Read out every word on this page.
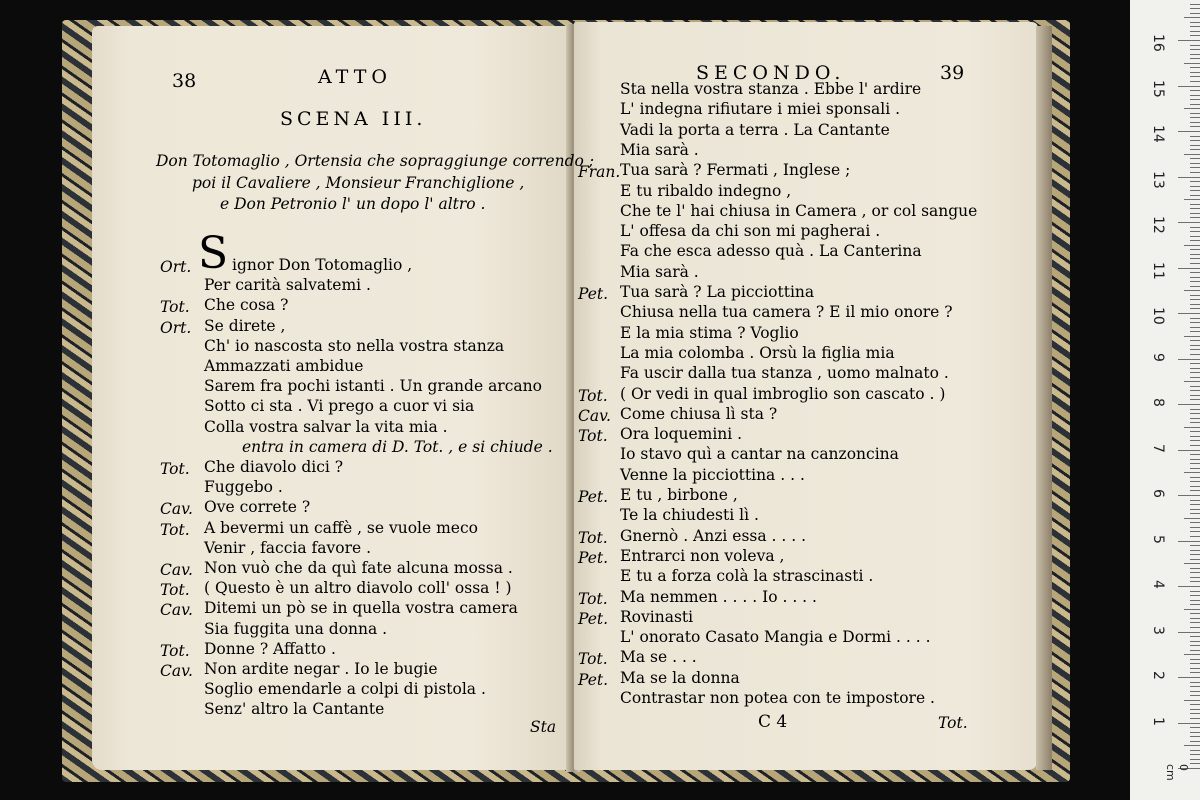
38	ATTO
SCENA III.
Don Totomaglio , Ortensia che sopraggiunge correndo ;
poi il Cavaliere , Monsieur Franchiglione ,
e Don Petronio l' un dopo l' altro .
S
Ort.	ignor Don Totomaglio ,
Per carità salvatemi .
Tot. Che cosa ?
Ort. Se direte ,
Ch' io nascosta sto nella vostra stanza
Ammazzati ambidue
Sarem fra pochi istanti . Un grande arcano
Sotto ci sta . Vi prego a cuor vi sia
Colla vostra salvar la vita mia .
entra in camera di D. Tot. , e si chiude .
Tot. Che diavolo dici ?
Fuggebo .
Cav. Ove correte ?
Tot. A bevermi un caffè , se vuole meco
Venir , faccia favore .
Cav. Non vuò che da quì fate alcuna mossa .
Tot. ( Questo è un altro diavolo coll' ossa ! )
Cav. Ditemi un pò se in quella vostra camera
Sia fuggita una donna .
Tot. Donne ? Affatto .
Cav. Non ardite negar . Io le bugie
Soglio emendarle a colpi di pistola .
Senz' altro la Cantante
Sta
SECONDO.	39
Sta nella vostra stanza . Ebbe l' ardire
L' indegna rifiutare i miei sponsali .
Vadi la porta a terra . La Cantante
Mia sarà .
Fran. Tua sarà ? Fermati , Inglese ;
E tu ribaldo indegno ,
Che te l' hai chiusa in Camera , or col sangue
L' offesa da chi son mi pagherai .
Fa che esca adesso quà . La Canterina
Mia sarà .
Pet. Tua sarà ? La picciottina
Chiusa nella tua camera ? E il mio onore ?
E la mia stima ? Voglio
La mia colomba . Orsù la figlia mia
Fa uscir dalla tua stanza , uomo malnato .
Tot. ( Or vedi in qual imbroglio son cascato . )
Cav. Come chiusa lì sta ?
Tot. Ora loquemini .
Io stavo quì a cantar na canzoncina
Venne la picciottina . . .
Pet. E tu , birbone ,
Te la chiudesti lì .
Tot. Gnernò . Anzi essa . . . .
Pet. Entrarci non voleva ,
E tu a forza colà la strascinasti .
Tot. Ma nemmen . . . . Io . . . .
Pet. Rovinasti
L' onorato Casato Mangia e Dormi . . . .
Tot. Ma se . . .
Pet. Ma se la donna
Contrastar non potea con te impostore .
C 4	Tot.
16
15
14
13
12
11
10
9
8
7
6
5
4
3
2
1
0 cm
